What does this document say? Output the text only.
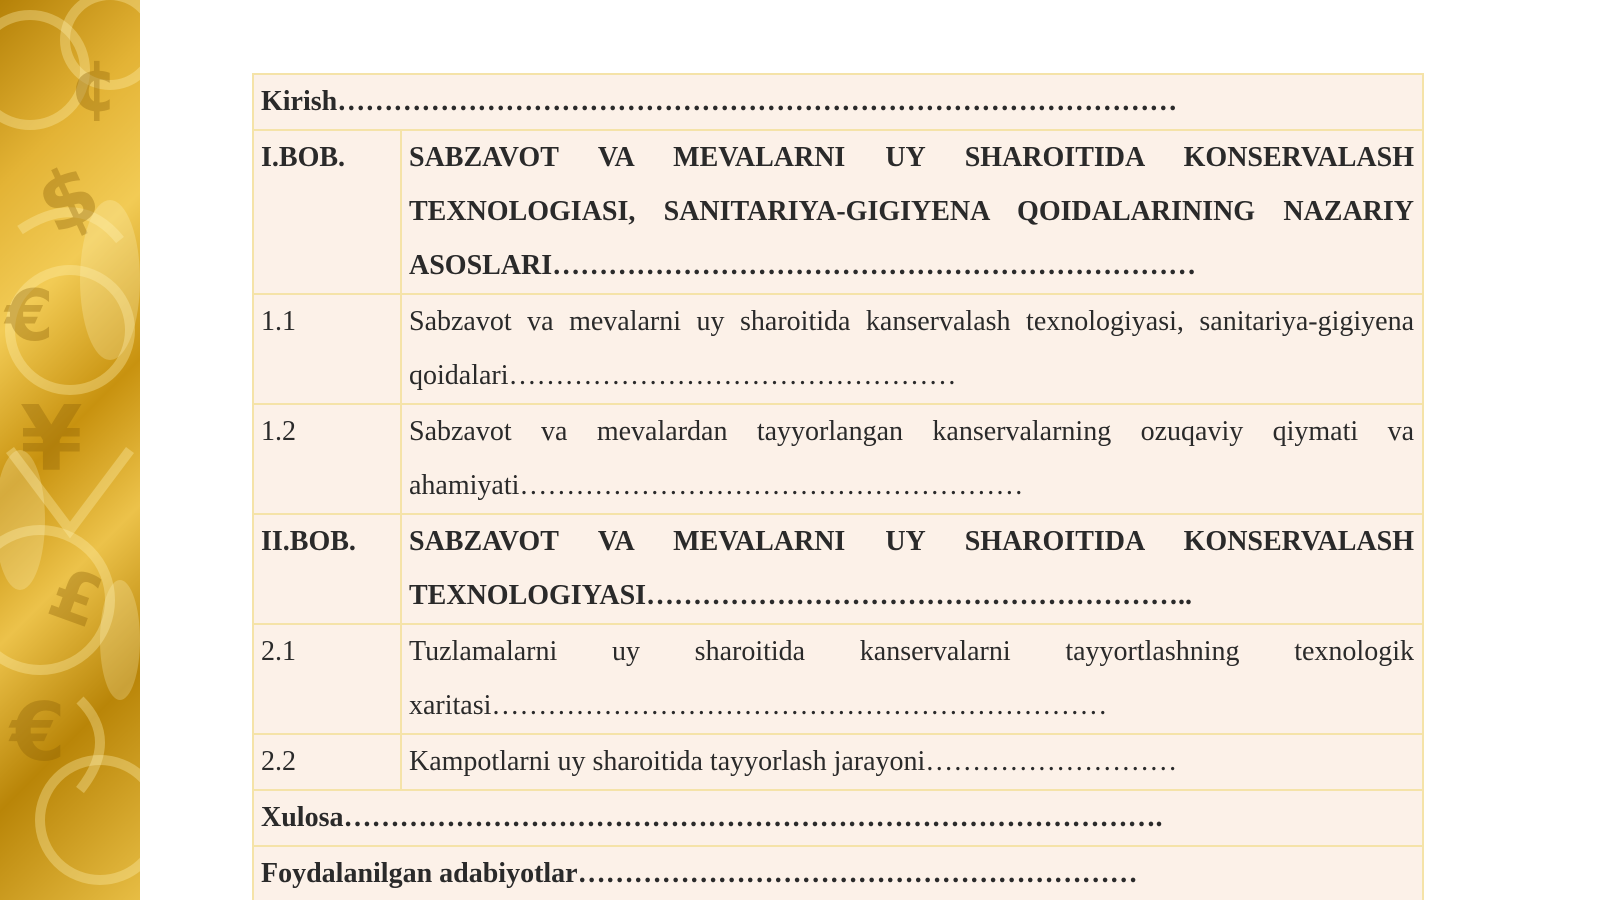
$
€
¥
£
€
¢	Kirish………………………………………………………………………………	
I.BOB.	SABZAVOT VA MEVALARNI UY SHAROITIDA KONSERVALASH TEXNOLOGIASI, SANITARIYA-GIGIYENA QOIDALARINING NAZARIY ASOSLARI……………………………………………………………
1.1	Sabzavot va mevalarni uy sharoitida kanservalash texnologiyasi, sanitariya-gigiyena qoidalari…………………………………………
1.2	Sabzavot va mevalardan tayyorlangan kanservalarning ozuqaviy qiymati va ahamiyati………………………………………………
II.BOB.	SABZAVOT VA MEVALARNI UY SHAROITIDA KONSERVALASH TEXNOLOGIYASI…………………………………………………..
2.1	Tuzlamalarni uy sharoitida kanservalarni tayyortlashning texnologik xaritasi…………………………………………………………
2.2	Kampotlarni uy sharoitida tayyorlash jarayoni………………………
Xulosa…………………………………………………………………………….	
Foydalanilgan adabiyotlar……………………………………………………	
